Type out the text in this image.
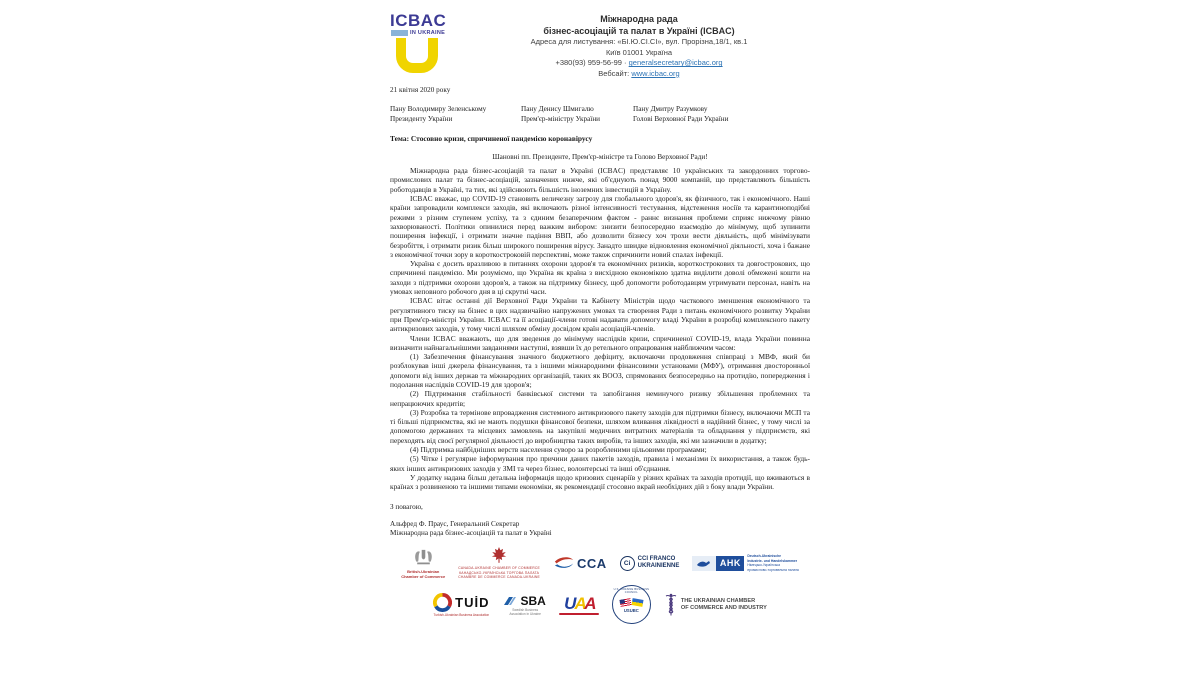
ICBAC
IN UKRAINE
Міжнародна рада
бізнес-асоціацій та палат в Україні (ICBAC)
Адреса для листування: «БІ.Ю.СІ.СІ», вул. Прорізна,18/1, кв.1
Київ 01001 Україна
+380(93) 959-56-99 · generalsecretary@icbac.org
Вебсайт: www.icbac.org
21 квітня 2020 року
Пану Володимиру Зеленському
Президенту України
Пану Денису Шмигалю
Прем'єр-міністру України
Пану Дмитру Разумкову
Голові Верховної Ради України
Тема: Стосовно кризи, спричиненої пандемією коронавірусу
Шановні пп. Президенте, Прем'єр-міністре та Голово Верховної Ради!

Міжнародна рада бізнес-асоціацій та палат в Україні (ICBAC) представляє 10 українських та закордонних торгово-промислових палат та бізнес-асоціацій, зазначених нижче, які об'єднують понад 9000 компаній, що представляють більшість роботодавців в Україні, та тих, які здійснюють більшість іноземних інвестицій в Україну.

ICBAC вважає, що COVID-19 становить величезну загрозу для глобального здоров'я, як фізичного, так і економічного. Наші країни запровадили комплекси заходів, які включають різної інтенсивності тестування, відстеження носіїв та карантиноподібні режими з різним ступенем успіху, та з єдиним безаперечним фактом - раннє визнання проблеми сприяє нижчому рівню захворюваності. Політики опинилися перед важким вибором: знизити безпосередню взаємодію до мінімуму, щоб зупинити поширення інфекції, і отримати значне падіння ВВП, або дозволити бізнесу хоч трохи вести діяльність, щоб мінімізувати безробіття, і отримати ризик більш широкого поширення вірусу. Занадто швидке відновлення економічної діяльності, хоча і бажане з економічної точки зору в короткостроковій перспективі, може також спричинити новий спалах інфекції.

Україна є досить вразливою в питаннях охорони здоров'я та економічних ризиків, короткострокових та довгострокових, що спричинені пандемією. Ми розуміємо, що Україна як країна з висхідною економікою здатна виділити доволі обмежені кошти на заходи з підтримки охорони здоров'я, а також на підтримку бізнесу, щоб допомогти роботодавцям утримувати персонал, навіть на умовах неповного робочого дня в ці скрутні часи.

ICBAC вітає останні дії Верховної Ради України та Кабінету Міністрів щодо часткового зменшення економічного та регулятивного тиску на бізнес в цих надзвичайно напружених умовах та створення Ради з питань економічного розвитку України при Прем'єр-міністрі України. ICBAC та її асоціації-члени готові надавати допомогу владі України в розробці комплексного пакету антикризових заходів, у тому числі шляхом обміну досвідом країн асоціацій-членів.

Члени ICBAC вважають, що для зведення до мінімуму наслідків кризи, спричиненої COVID-19, влада України повинна визначити найнагальнішими завданнями наступні, взявши їх до ретельного опрацювання найближчим часом:

(1) Забезпечення фінансування значного бюджетного дефіциту, включаючи продовження співпраці з МВФ, який би розблокував інші джерела фінансування, та з іншими міжнародними фінансовими установами (МФУ), отримання двосторонньої допомоги від інших держав та міжнародних організацій, таких як ВООЗ, спрямованих безпосередньо на протидію, попередження і подолання наслідків COVID-19 для здоров'я;

(2) Підтримання стабільності банківської системи та запобігання неминучого ризику збільшення проблемних та непрацюючих кредитів;

(3) Розробка та термінове впровадження системного антикризового пакету заходів для підтримки бізнесу, включаючи МСП та ті більші підприємства, які не мають подушки фінансової безпеки, шляхом вливання ліквідності в надійний бізнес, у тому числі за допомогою державних та місцевих замовлень на закупівлі медичних витратних матеріалів та обладнання у підприємств, які переходять від своєї регулярної діяльності до виробництва таких виробів, та інших заходів, які ми зазначили в додатку;

(4) Підтримка найбідніших верств населення суворо за розробленими цільовими програмами;

(5) Чітке і регулярне інформування про причини даних пакетів заходів, правила і механізми їх використання, а також будь-яких інших антикризових заходів у ЗМІ та через бізнес, волонтерські та інші об'єднання.

У додатку надана більш детальна інформація щодо кризових сценаріїв у різних країнах та заходів протидії, що вживаються в країнах з розвиненою та іншими типами економіки, як рекомендації стосовно вкрай необхідних дій з боку влади України.

З повагою,
Альфред Ф. Праус, Генеральний Секретар
Міжнародна рада бізнес-асоціацій та палат в Україні
British-Ukrainian
Chamber of Commerce
CANADA-UKRAINE CHAMBER OF COMMERCE
КАНАДСЬКО-УКРАЇНСЬКА ТОРГОВА ПАЛАТА
CHAMBRE DE COMMERCE CANADA-UKRAINE
CCA	Ci
CCI FRANCO
UKRAINIENNE	AHK
Deutsch-Ukrainische
Industrie- und Handelskammer
Німецько-Українська
промислово-торговельна палата
TUİD
Turkish-Ukrainian Business Association
SBA
Swedish Business
Association in Ukraine
U A A
U.S.-UKRAINE BUSINESS COUNCIL
USUBC
THE UKRAINIAN CHAMBER
OF COMMERCE AND INDUSTRY
